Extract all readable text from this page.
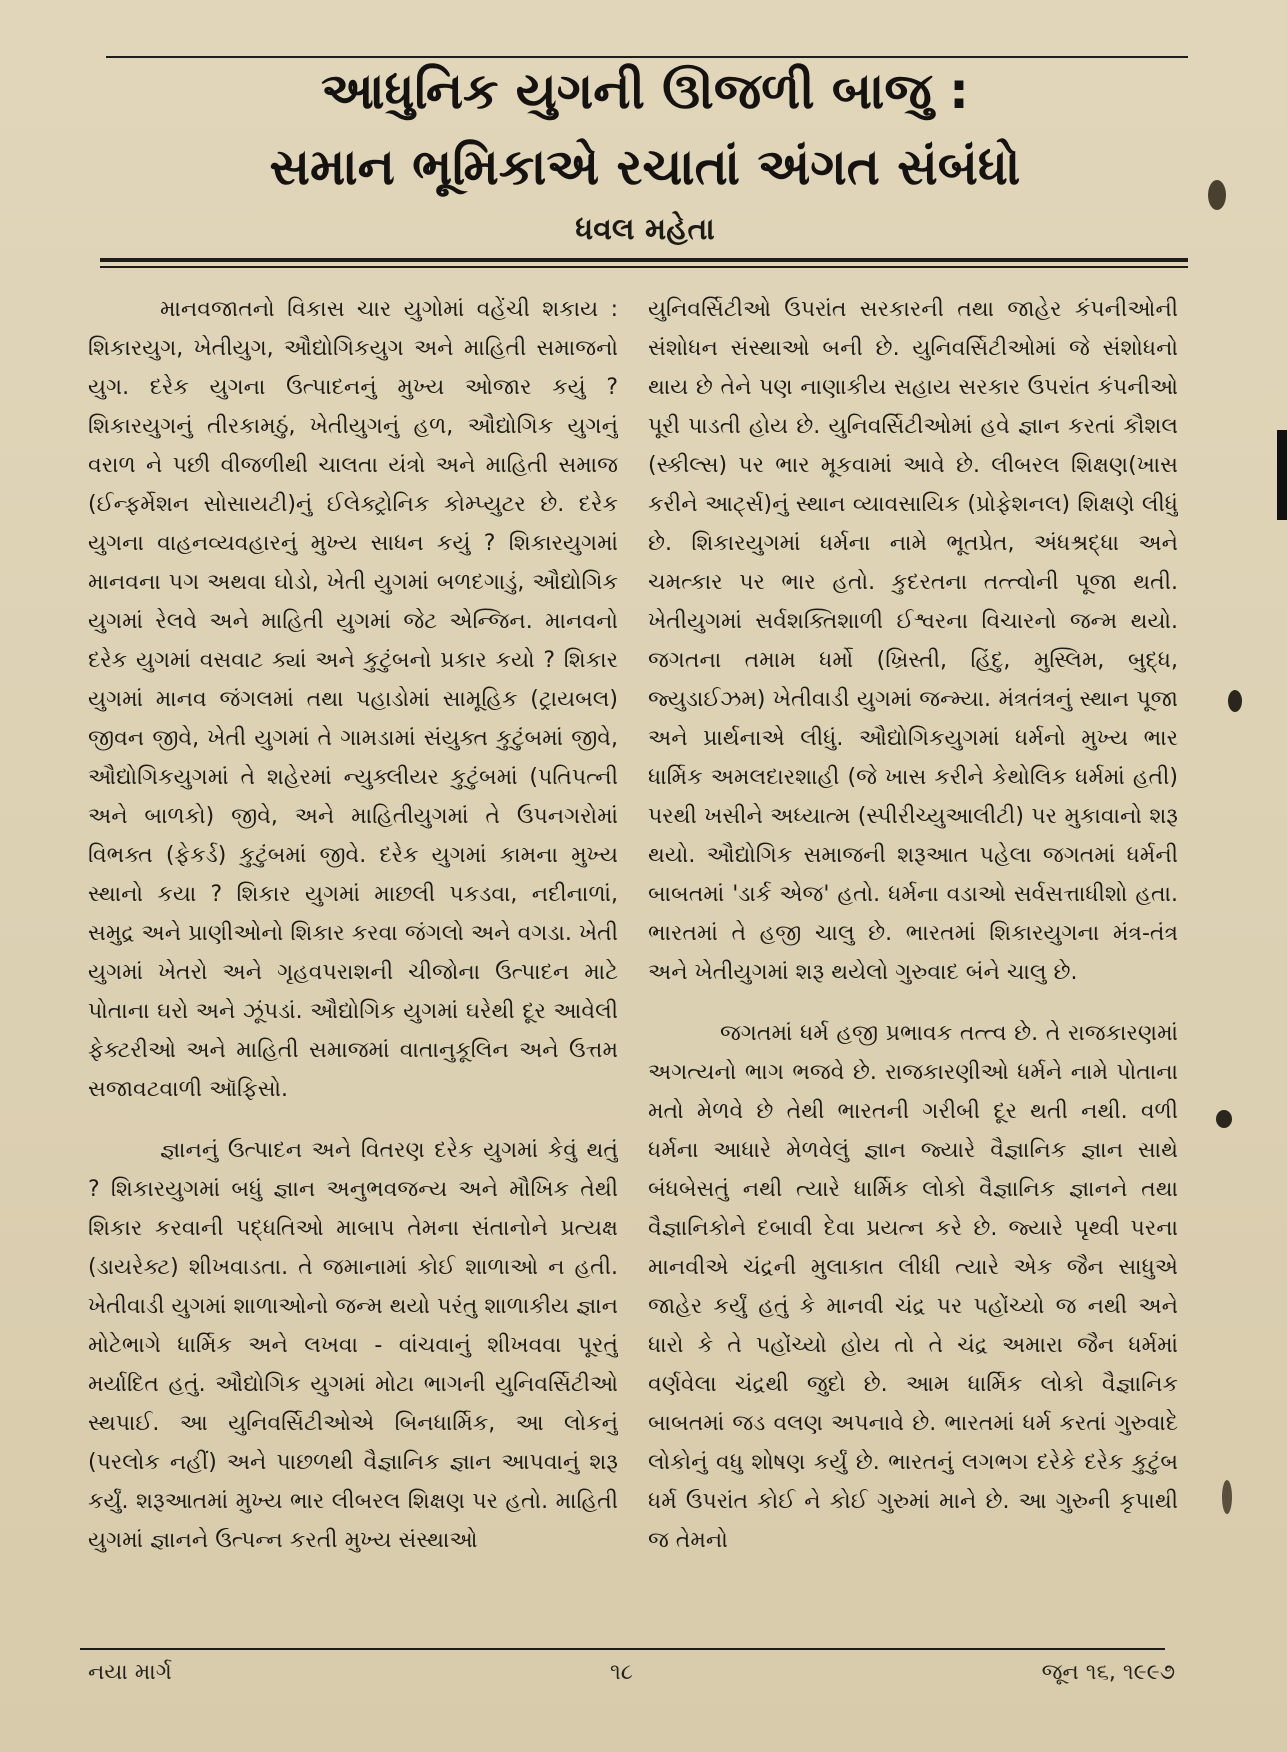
આધુનિક યુગની ઊજળી બાજુ :
સમાન ભૂમિકાએ રચાતાં અંગત સંબંધો
ધવલ મહેતા

માનવજાતનો વિકાસ ચાર યુગોમાં વહેંચી શકાય : શિકારયુગ, ખેતીયુગ, ઔદ્યોગિકયુગ અને માહિતી સમાજનો યુગ. દરેક યુગના ઉત્પાદનનું મુખ્ય ઓજાર કયું ? શિકારયુગનું તીરકામઠું, ખેતીયુગનું હળ, ઔદ્યોગિક યુગનું વરાળ ને પછી વીજળીથી ચાલતા યંત્રો અને માહિતી સમાજ (ઈન્ફર્મેશન સોસાયટી)નું ઈલેક્ટ્રોનિક કોમ્પ્યુટર છે. દરેક યુગના વાહનવ્યવહારનું મુખ્ય સાધન કયું ? શિકારયુગમાં માનવના પગ અથવા ઘોડો, ખેતી યુગમાં બળદગાડું, ઔદ્યોગિક યુગમાં રેલવે અને માહિતી યુગમાં જેટ એન્જિન. માનવનો દરેક યુગમાં વસવાટ ક્યાં અને કુટુંબનો પ્રકાર કયો ? શિકાર યુગમાં માનવ જંગલમાં તથા પહાડોમાં સામૂહિક (ટ્રાયબલ) જીવન જીવે, ખેતી યુગમાં તે ગામડામાં સંયુક્ત કુટુંબમાં જીવે, ઔદ્યોગિકયુગમાં તે શહેરમાં ન્યુક્લીયર કુટુંબમાં (પતિપત્ની અને બાળકો) જીવે, અને માહિતીયુગમાં તે ઉપનગરોમાં વિભક્ત (ફેકર્ડ) કુટુંબમાં જીવે. દરેક યુગમાં કામના મુખ્ય સ્થાનો કયા ? શિકાર યુગમાં માછલી પકડવા, નદીનાળાં, સમુદ્ર અને પ્રાણીઓનો શિકાર કરવા જંગલો અને વગડા. ખેતી યુગમાં ખેતરો અને ગૃહવપરાશની ચીજોના ઉત્પાદન માટે પોતાના ઘરો અને ઝૂંપડાં. ઔદ્યોગિક યુગમાં ઘરેથી દૂર આવેલી ફેક્ટરીઓ અને માહિતી સમાજમાં વાતાનુકૂલિન અને ઉત્તમ સજાવટવાળી ઑફિસો.

જ્ઞાનનું ઉત્પાદન અને વિતરણ દરેક યુગમાં કેવું થતું ? શિકારયુગમાં બધું જ્ઞાન અનુભવજન્ય અને મૌખિક તેથી શિકાર કરવાની પદ્ધતિઓ માબાપ તેમના સંતાનોને પ્રત્યક્ષ (ડાયરેક્ટ) શીખવાડતા. તે જમાનામાં કોઈ શાળાઓ ન હતી. ખેતીવાડી યુગમાં શાળાઓનો જન્મ થયો પરંતુ શાળાકીય જ્ઞાન મોટેભાગે ધાર્મિક અને લખવા - વાંચવાનું શીખવવા પૂરતું મર્યાદિત હતું. ઔદ્યોગિક યુગમાં મોટા ભાગની યુનિવર્સિટીઓ સ્થપાઈ. આ યુનિવર્સિટીઓએ બિનધાર્મિક, આ લોકનું (પરલોક નહીં) અને પાછળથી વૈજ્ઞાનિક જ્ઞાન આપવાનું શરૂ કર્યું. શરૂઆતમાં મુખ્ય ભાર લીબરલ શિક્ષણ પર હતો. માહિતી યુગમાં જ્ઞાનને ઉત્પન્ન કરતી મુખ્ય સંસ્થાઓ

યુનિવર્સિટીઓ ઉપરાંત સરકારની તથા જાહેર કંપનીઓની સંશોધન સંસ્થાઓ બની છે. યુનિવર્સિટીઓમાં જે સંશોધનો થાય છે તેને પણ નાણાકીય સહાય સરકાર ઉપરાંત કંપનીઓ પૂરી પાડતી હોય છે. યુનિવર્સિટીઓમાં હવે જ્ઞાન કરતાં કૌશલ (સ્કીલ્સ) પર ભાર મૂકવામાં આવે છે. લીબરલ શિક્ષણ(ખાસ કરીને આર્ટ્સ)નું સ્થાન વ્યાવસાયિક (પ્રોફેશનલ) શિક્ષણે લીધું છે. શિકારયુગમાં ધર્મના નામે ભૂતપ્રેત, અંધશ્રદ્ધા અને ચમત્કાર પર ભાર હતો. કુદરતના તત્ત્વોની પૂજા થતી. ખેતીયુગમાં સર્વશક્તિશાળી ઈશ્વરના વિચારનો જન્મ થયો. જગતના તમામ ધર્મો (ખ્રિસ્તી, હિંદુ, મુસ્લિમ, બુદ્ધ, જ્યુડાઈઝમ) ખેતીવાડી યુગમાં જન્મ્યા. મંત્રતંત્રનું સ્થાન પૂજા અને પ્રાર્થનાએ લીધું. ઔદ્યોગિકયુગમાં ધર્મનો મુખ્ય ભાર ધાર્મિક અમલદારશાહી (જે ખાસ કરીને કેથોલિક ધર્મમાં હતી) પરથી ખસીને અધ્યાત્મ (સ્પીરીચ્યુઆલીટી) પર મુકાવાનો શરૂ થયો. ઔદ્યોગિક સમાજની શરૂઆત પહેલા જગતમાં ધર્મની બાબતમાં 'ડાર્ક એજ' હતો. ધર્મના વડાઓ સર્વસત્તાધીશો હતા. ભારતમાં તે હજી ચાલુ છે. ભારતમાં શિકારયુગના મંત્ર-તંત્ર અને ખેતીયુગમાં શરૂ થયેલો ગુરુવાદ બંને ચાલુ છે.

જગતમાં ધર્મ હજી પ્રભાવક તત્ત્વ છે. તે રાજકારણમાં અગત્યનો ભાગ ભજવે છે. રાજકારણીઓ ધર્મને નામે પોતાના મતો મેળવે છે તેથી ભારતની ગરીબી દૂર થતી નથી. વળી ધર્મના આધારે મેળવેલું જ્ઞાન જ્યારે વૈજ્ઞાનિક જ્ઞાન સાથે બંધબેસતું નથી ત્યારે ધાર્મિક લોકો વૈજ્ઞાનિક જ્ઞાનને તથા વૈજ્ઞાનિકોને દબાવી દેવા પ્રયત્ન કરે છે. જ્યારે પૃથ્વી પરના માનવીએ ચંદ્રની મુલાકાત લીધી ત્યારે એક જૈન સાધુએ જાહેર કર્યું હતું કે માનવી ચંદ્ર પર પહોંચ્યો જ નથી અને ધારો કે તે પહોંચ્યો હોય તો તે ચંદ્ર અમારા જૈન ધર્મમાં વર્ણવેલા ચંદ્રથી જુદો છે. આમ ધાર્મિક લોકો વૈજ્ઞાનિક બાબતમાં જડ વલણ અપનાવે છે. ભારતમાં ધર્મ કરતાં ગુરુવાદે લોકોનું વધુ શોષણ કર્યું છે. ભારતનું લગભગ દરેકે દરેક કુટુંબ ધર્મ ઉપરાંત કોઈ ને કોઈ ગુરુમાં માને છે. આ ગુરુની કૃપાથી જ તેમનો

નયા માર્ગ	૧૮	જૂન ૧૬, ૧૯૯૭
